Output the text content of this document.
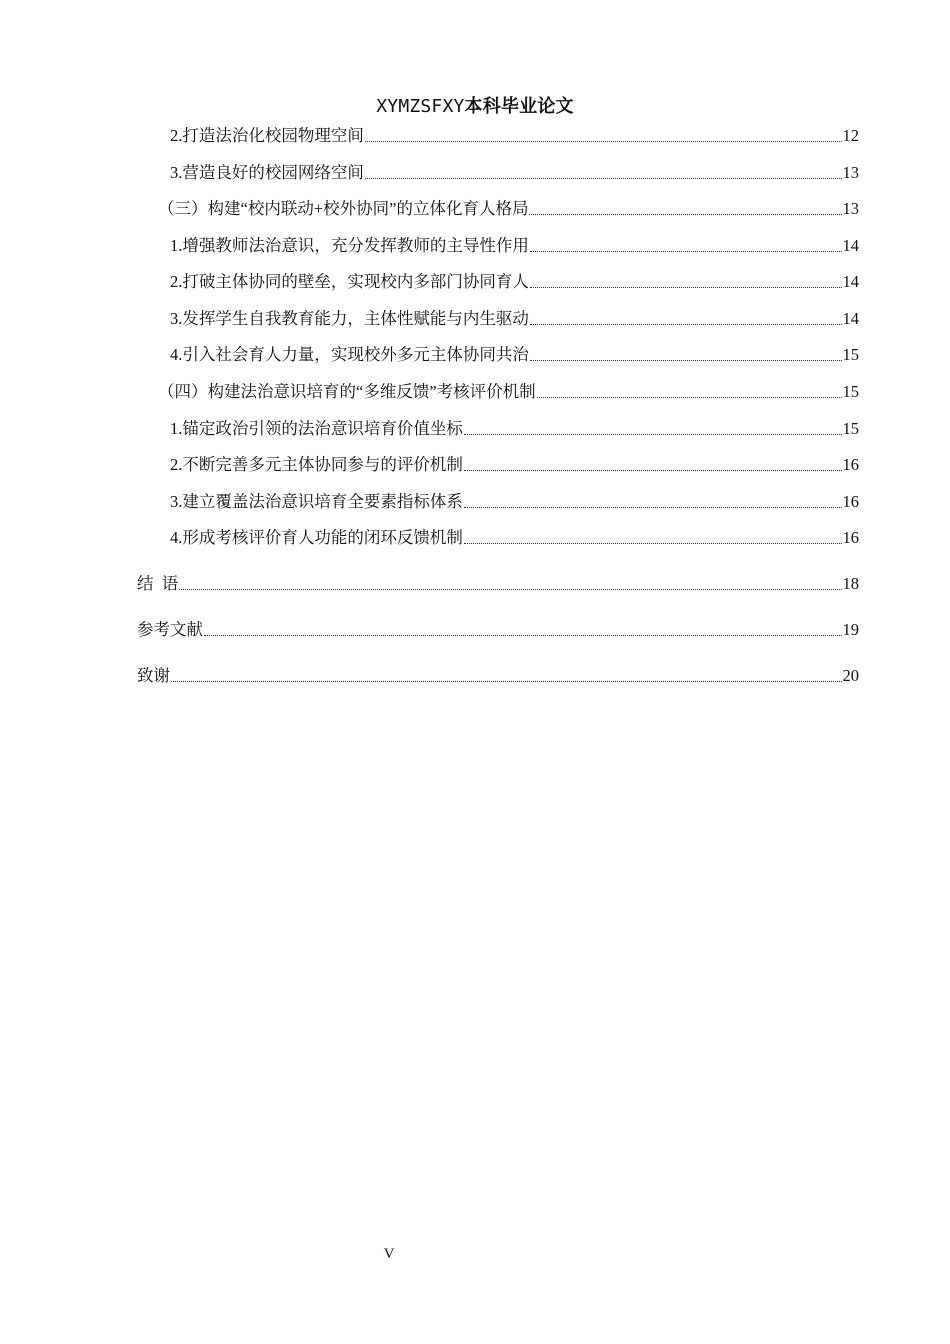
XYMZSFXY本科毕业论文
2.打造法治化校园物理空间	12
3.营造良好的校园网络空间	13
（三）构建“校内联动+校外协同”的立体化育人格局	13
1.增强教师法治意识，充分发挥教师的主导性作用	14
2.打破主体协同的壁垒，实现校内多部门协同育人	14
3.发挥学生自我教育能力，主体性赋能与内生驱动	14
4.引入社会育人力量，实现校外多元主体协同共治	15
（四）构建法治意识培育的“多维反馈”考核评价机制	15
1.锚定政治引领的法治意识培育价值坐标	15
2.不断完善多元主体协同参与的评价机制	16
3.建立覆盖法治意识培育全要素指标体系	16
4.形成考核评价育人功能的闭环反馈机制	16
结  语	18
参考文献	19
致谢	20
V
